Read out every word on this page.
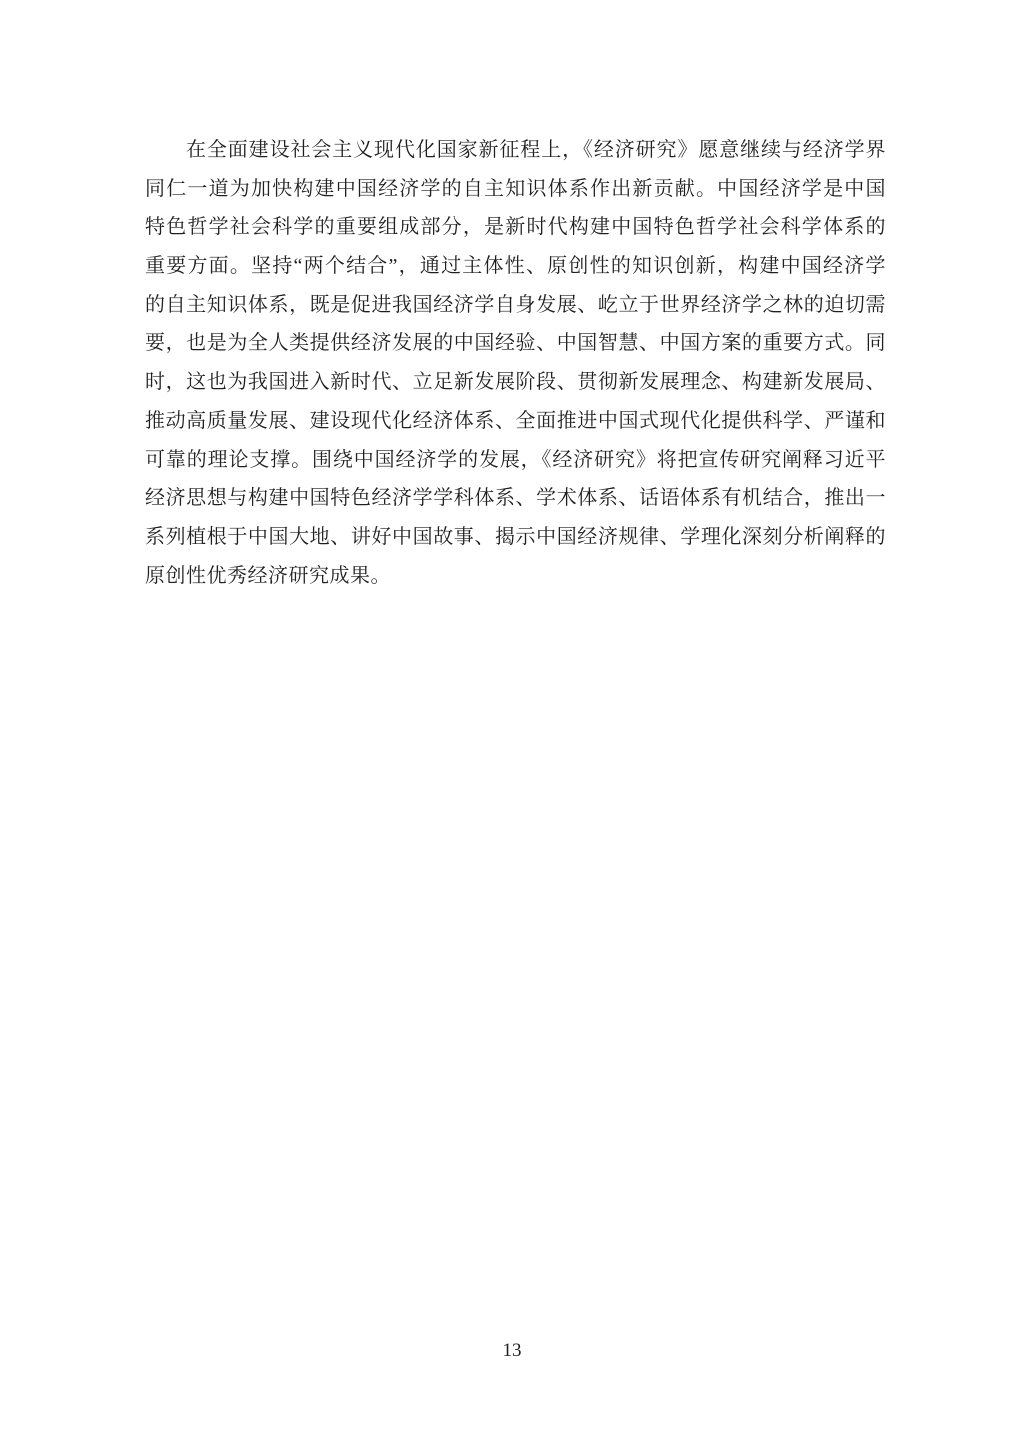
在全面建设社会主义现代化国家新征程上，《经济研究》愿意继续与经济学界
同仁一道为加快构建中国经济学的自主知识体系作出新贡献。中国经济学是中国
特色哲学社会科学的重要组成部分，是新时代构建中国特色哲学社会科学体系的
重要方面。坚持“两个结合”，通过主体性、原创性的知识创新，构建中国经济学
的自主知识体系，既是促进我国经济学自身发展、屹立于世界经济学之林的迫切需
要，也是为全人类提供经济发展的中国经验、中国智慧、中国方案的重要方式。同
时，这也为我国进入新时代、立足新发展阶段、贯彻新发展理念、构建新发展局、
推动高质量发展、建设现代化经济体系、全面推进中国式现代化提供科学、严谨和
可靠的理论支撑。围绕中国经济学的发展，《经济研究》将把宣传研究阐释习近平
经济思想与构建中国特色经济学学科体系、学术体系、话语体系有机结合，推出一
系列植根于中国大地、讲好中国故事、揭示中国经济规律、学理化深刻分析阐释的
原创性优秀经济研究成果。
13
